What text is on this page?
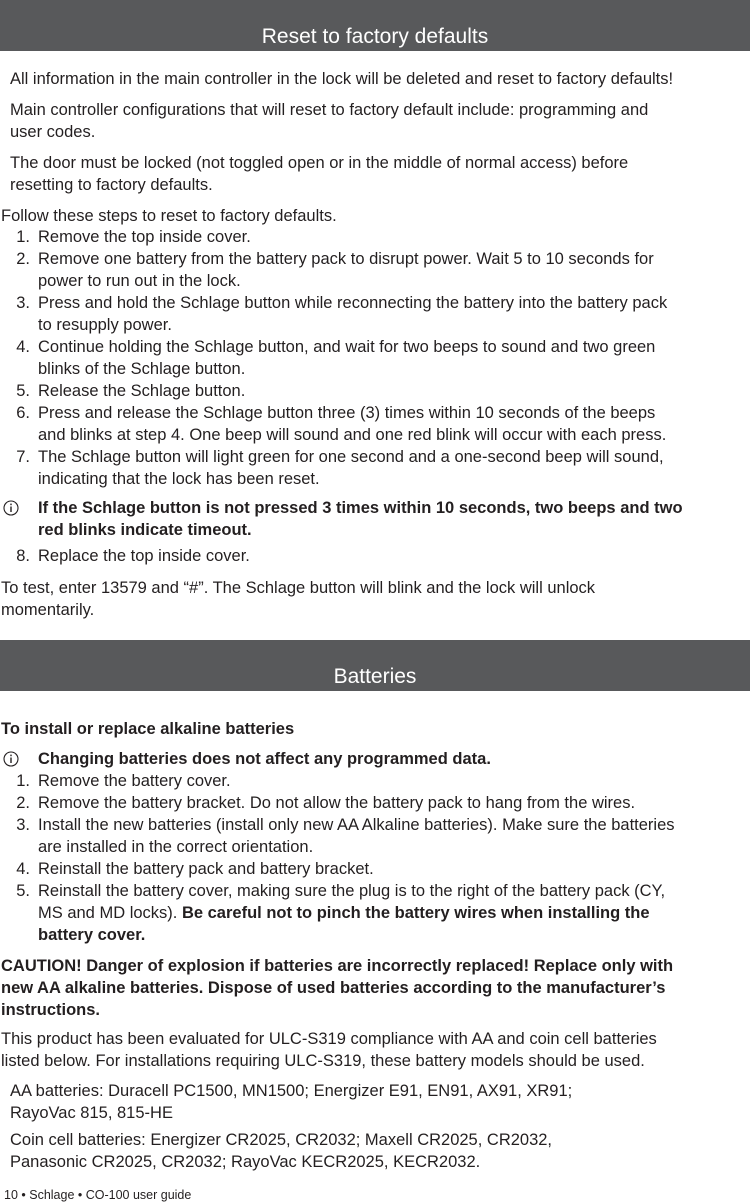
Reset to factory defaults
All information in the main controller in the lock will be deleted and reset to factory defaults!
Main controller configurations that will reset to factory default include: programming and
user codes.
The door must be locked (not toggled open or in the middle of normal access) before
resetting to factory defaults.
Follow these steps to reset to factory defaults.
1. Remove the top inside cover.
2. Remove one battery from the battery pack to disrupt power. Wait 5 to 10 seconds for
power to run out in the lock.
3. Press and hold the Schlage button while reconnecting the battery into the battery pack
to resupply power.
4. Continue holding the Schlage button, and wait for two beeps to sound and two green
blinks of the Schlage button.
5. Release the Schlage button.
6. Press and release the Schlage button three (3) times within 10 seconds of the beeps
and blinks at step 4. One beep will sound and one red blink will occur with each press.
7. The Schlage button will light green for one second and a one-second beep will sound,
indicating that the lock has been reset.
If the Schlage button is not pressed 3 times within 10 seconds, two beeps and two
red blinks indicate timeout.
8. Replace the top inside cover.
To test, enter 13579 and “#”. The Schlage button will blink and the lock will unlock
momentarily.
Batteries
To install or replace alkaline batteries
Changing batteries does not affect any programmed data.
1. Remove the battery cover.
2. Remove the battery bracket. Do not allow the battery pack to hang from the wires.
3. Install the new batteries (install only new AA Alkaline batteries). Make sure the batteries
are installed in the correct orientation.
4. Reinstall the battery pack and battery bracket.
5. Reinstall the battery cover, making sure the plug is to the right of the battery pack (CY,
MS and MD locks). Be careful not to pinch the battery wires when installing the
battery cover.
CAUTION! Danger of explosion if batteries are incorrectly replaced! Replace only with
new AA alkaline batteries. Dispose of used batteries according to the manufacturer’s
instructions.
This product has been evaluated for ULC-S319 compliance with AA and coin cell batteries
listed below. For installations requiring ULC-S319, these battery models should be used.
AA batteries: Duracell PC1500, MN1500; Energizer E91, EN91, AX91, XR91;
RayoVac 815, 815-HE
Coin cell batteries: Energizer CR2025, CR2032; Maxell CR2025, CR2032,
Panasonic CR2025, CR2032; RayoVac KECR2025, KECR2032.
10 • Schlage • CO-100 user guide
